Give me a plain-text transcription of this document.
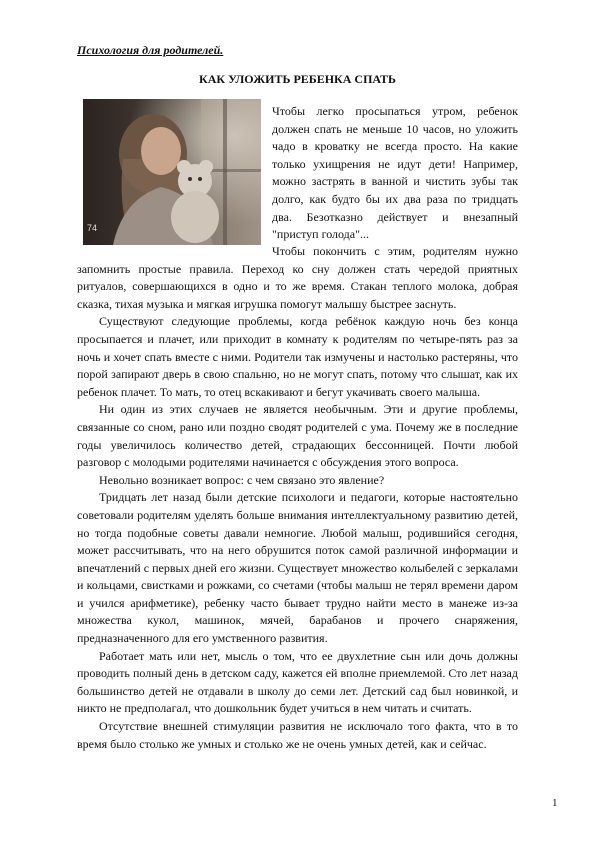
Психология для родителей.
КАК УЛОЖИТЬ РЕБЕНКА СПАТЬ
74

Чтобы легко просыпаться утром, ребенок должен спать не меньше 10 часов, но уложить чадо в кроватку не всегда просто. На какие только ухищрения не идут дети! Например, можно застрять в ванной и чистить зубы так долго, как будто бы их два раза по тридцать два. Безотказно действует и внезапный "приступ голода"...

Чтобы покончить с этим, родителям нужно запомнить простые правила. Переход ко сну должен стать чередой приятных ритуалов, совершающихся в одно и то же время. Стакан теплого молока, добрая сказка, тихая музыка и мягкая игрушка помогут малышу быстрее заснуть.

Существуют следующие проблемы, когда ребёнок каждую ночь без конца просыпается и плачет, или приходит в комнату к родителям по четыре-пять раз за ночь и хочет спать вместе с ними. Родители так измучены и настолько растеряны, что порой запирают дверь в свою спальню, но не могут спать, потому что слышат, как их ребенок плачет. То мать, то отец вскакивают и бегут укачивать своего малыша.

Ни один из этих случаев не является необычным. Эти и другие проблемы, связанные со сном, рано или поздно сводят родителей с ума. Почему же в последние годы увеличилось количество детей, страдающих бессонницей. Почти любой разговор с молодыми родителями начинается с обсуждения этого вопроса.

Невольно возникает вопрос: с чем связано это явление?

Тридцать лет назад были детские психологи и педагоги, которые настоятельно советовали родителям уделять больше внимания интеллектуальному развитию детей, но тогда подобные советы давали немногие. Любой малыш, родившийся сегодня, может рассчитывать, что на него обрушится поток самой различной информации и впечатлений с первых дней его жизни. Существует множество колыбелей с зеркалами и кольцами, свистками и рожками, со счетами (чтобы малыш не терял времени даром и учился арифметике), ребенку часто бывает трудно найти место в манеже из-за множества кукол, машинок, мячей, барабанов и прочего снаряжения, предназначенного для его умственного развития.

Работает мать или нет, мысль о том, что ее двухлетние сын или дочь должны проводить полный день в детском саду, кажется ей вполне приемлемой. Сто лет назад большинство детей не отдавали в школу до семи лет. Детский сад был новинкой, и никто не предполагал, что дошкольник будет учиться в нем читать и считать.

Отсутствие внешней стимуляции развития не исключало того факта, что в то время было столько же умных и столько же не очень умных детей, как и сейчас.

1
